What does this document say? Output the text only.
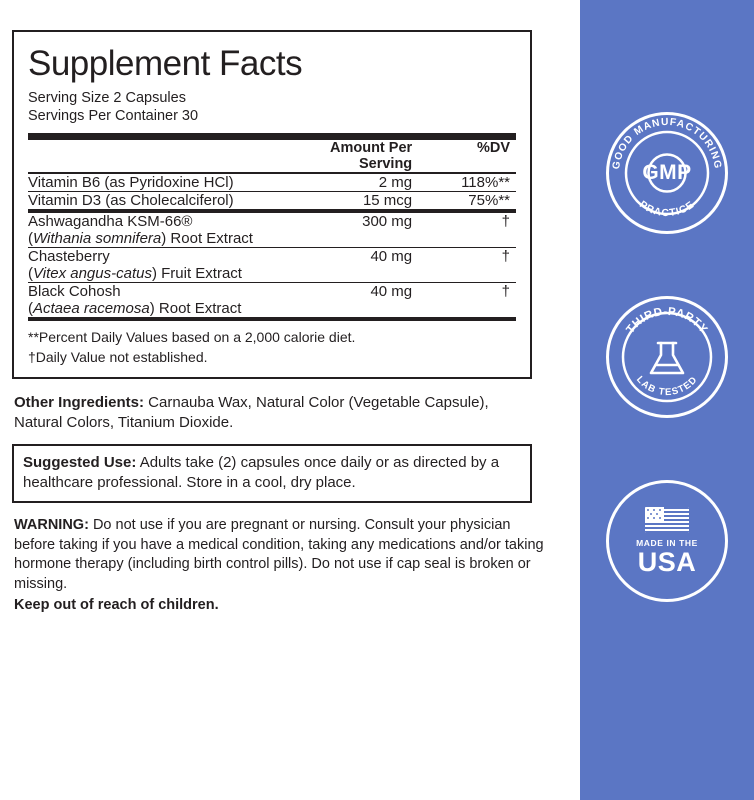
Supplement Facts
Serving Size 2 Capsules
Servings Per Container 30
	Amount Per Serving	%DV
Vitamin B6 (as Pyridoxine HCl)	2 mg	118%**
Vitamin D3 (as Cholecalciferol)	15 mcg	75%**
Ashwagandha KSM-66®
(Withania somnifera) Root Extract	300 mg	†
Chasteberry
(Vitex angus-catus) Fruit Extract	40 mg	†
Black Cohosh
(Actaea racemosa) Root Extract	40 mg	†
**Percent Daily Values based on a 2,000 calorie diet.
†Daily Value not established.
Other Ingredients: Carnauba Wax, Natural Color (Vegetable Capsule), Natural Colors, Titanium Dioxide.
Suggested Use: Adults take (2) capsules once daily or as directed by a healthcare professional. Store in a cool, dry place.
WARNING: Do not use if you are pregnant or nursing. Consult your physician before taking if you have a medical condition, taking any medications and/or taking hormone therapy (including birth control pills). Do not use if cap seal is broken or missing.
Keep out of reach of children.
GOOD MANUFACTURING
PRACTICE
GMP
THIRD-PARTY
LAB TESTED
MADE IN THE
USA
